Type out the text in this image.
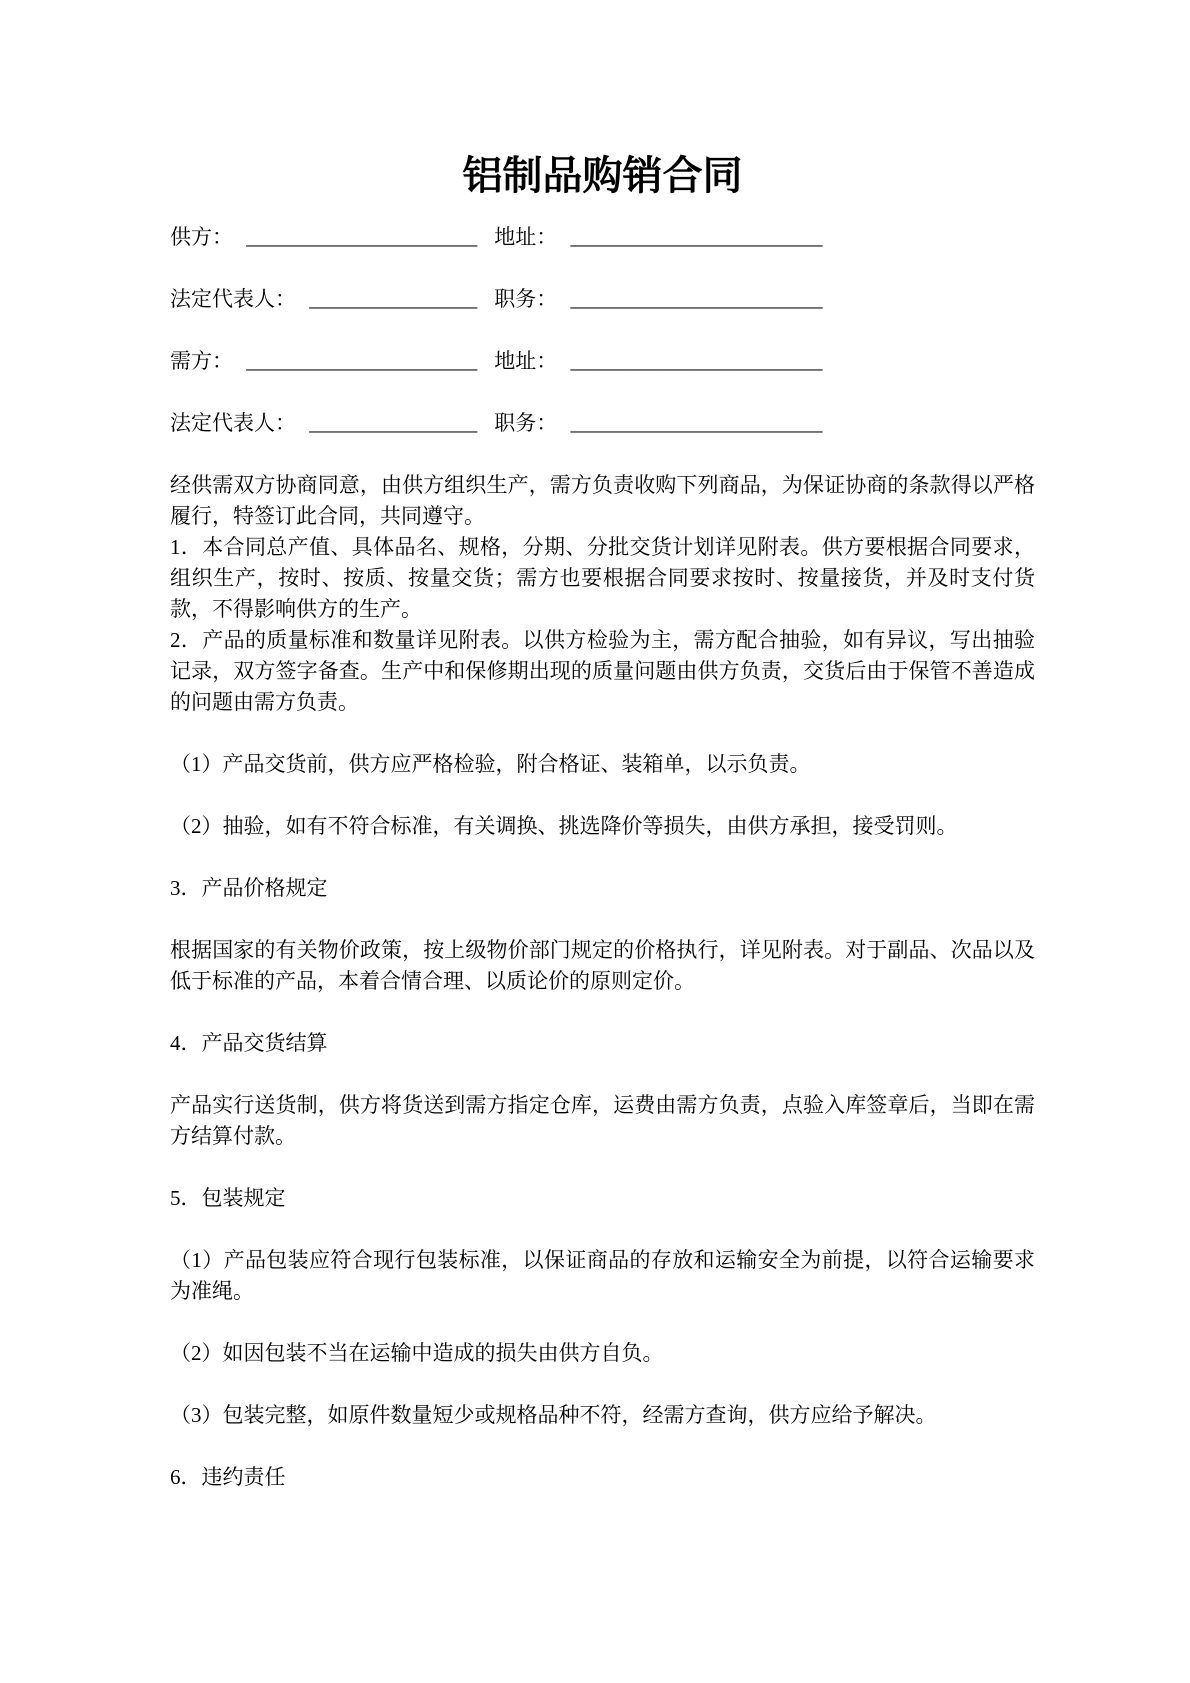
铝制品购销合同
供方： ______________________ 地址： ________________________
法定代表人： ________________ 职务： ________________________
需方： ______________________ 地址： ________________________
法定代表人： ________________ 职务： ________________________

经供需双方协商同意，由供方组织生产，需方负责收购下列商品，为保证协商的条款得以严格履行，特签订此合同，共同遵守。

1．本合同总产值、具体品名、规格，分期、分批交货计划详见附表。供方要根据合同要求，组织生产，按时、按质、按量交货；需方也要根据合同要求按时、按量接货，并及时支付货款，不得影响供方的生产。

2．产品的质量标准和数量详见附表。以供方检验为主，需方配合抽验，如有异议，写出抽验记录，双方签字备查。生产中和保修期出现的质量问题由供方负责，交货后由于保管不善造成的问题由需方负责。

（1）产品交货前，供方应严格检验，附合格证、装箱单，以示负责。

（2）抽验，如有不符合标准，有关调换、挑选降价等损失，由供方承担，接受罚则。

3．产品价格规定

根据国家的有关物价政策，按上级物价部门规定的价格执行，详见附表。对于副品、次品以及低于标准的产品，本着合情合理、以质论价的原则定价。

4．产品交货结算

产品实行送货制，供方将货送到需方指定仓库，运费由需方负责，点验入库签章后，当即在需方结算付款。

5．包装规定

（1）产品包装应符合现行包装标准，以保证商品的存放和运输安全为前提，以符合运输要求为准绳。

（2）如因包装不当在运输中造成的损失由供方自负。

（3）包装完整，如原件数量短少或规格品种不符，经需方查询，供方应给予解决。

6．违约责任
